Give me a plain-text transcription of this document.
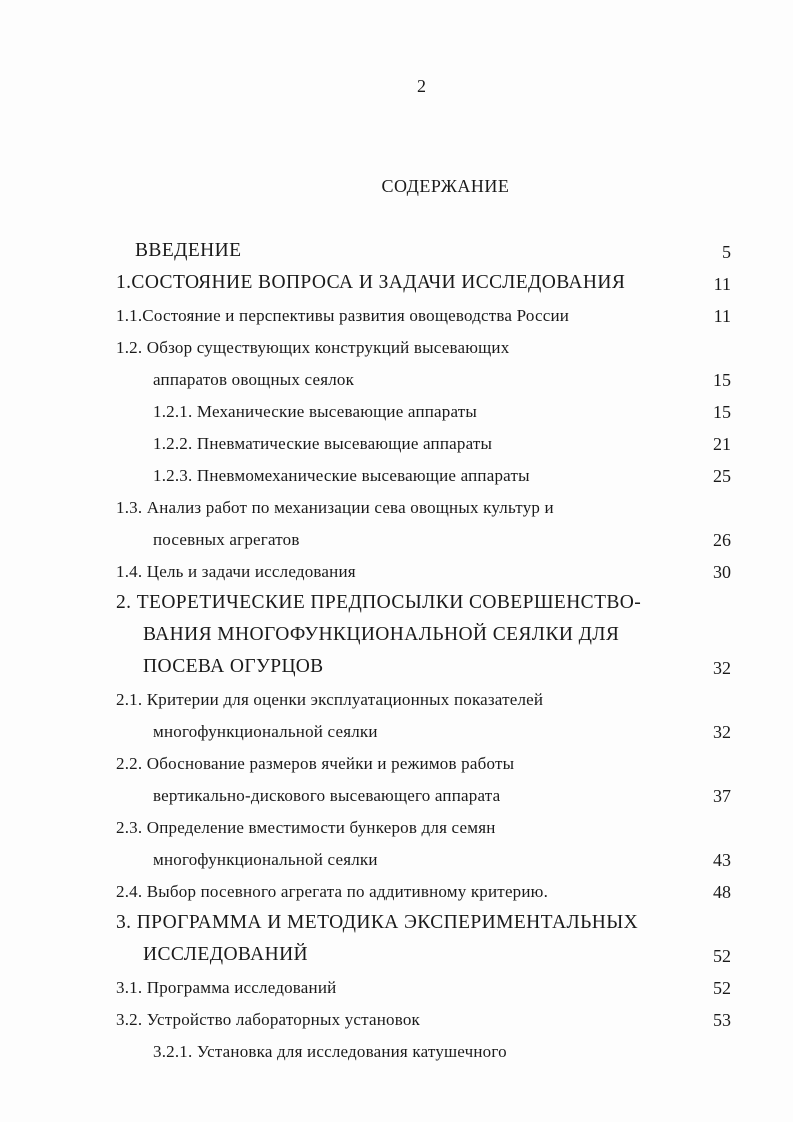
2
СОДЕРЖАНИЕ
ВВЕДЕНИЕ	5
1.СОСТОЯНИЕ ВОПРОСА И ЗАДАЧИ ИССЛЕДОВАНИЯ	11
1.1.Состояние и перспективы развития овощеводства России	11
1.2. Обзор существующих конструкций высевающих
аппаратов овощных сеялок	15
1.2.1. Механические высевающие аппараты	15
1.2.2. Пневматические высевающие аппараты	21
1.2.3. Пневмомеханические высевающие аппараты	25
1.3. Анализ работ по механизации сева овощных культур и
посевных агрегатов	26
1.4. Цель и задачи исследования	30
2. ТЕОРЕТИЧЕСКИЕ ПРЕДПОСЫЛКИ СОВЕРШЕНСТВО-
ВАНИЯ МНОГОФУНКЦИОНАЛЬНОЙ СЕЯЛКИ ДЛЯ
ПОСЕВА ОГУРЦОВ	32
2.1. Критерии для оценки эксплуатационных показателей
многофункциональной сеялки	32
2.2. Обоснование размеров ячейки и режимов работы
вертикально-дискового высевающего аппарата	37
2.3. Определение вместимости бункеров для семян
многофункциональной сеялки	43
2.4. Выбор посевного агрегата по аддитивному критерию.	48
3. ПРОГРАММА И МЕТОДИКА ЭКСПЕРИМЕНТАЛЬНЫХ
ИССЛЕДОВАНИЙ	52
3.1. Программа исследований	52
3.2. Устройство лабораторных установок	53
3.2.1. Установка для исследования катушечного
